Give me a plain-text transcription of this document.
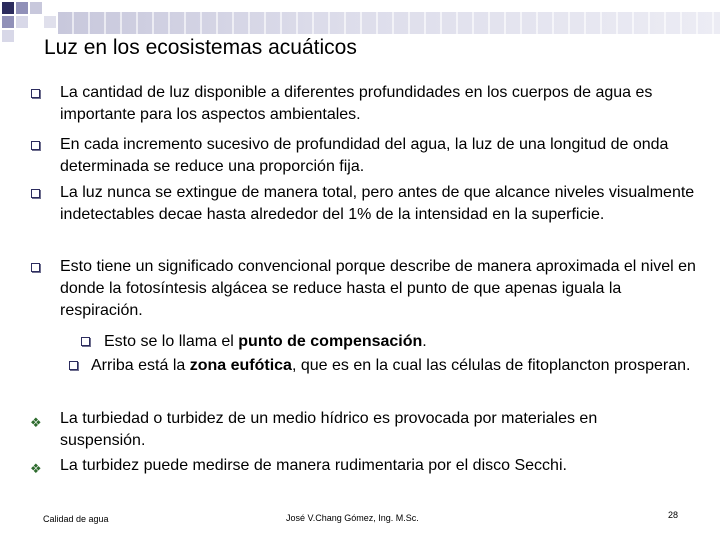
Luz en los ecosistemas acuáticos
La cantidad de luz disponible a diferentes profundidades en los cuerpos de agua es importante para los aspectos ambientales.
En cada incremento sucesivo de profundidad del agua, la luz de una longitud de onda determinada se reduce una proporción fija.
La luz nunca se extingue de manera total, pero antes de que alcance niveles visualmente indetectables decae hasta alrededor del 1% de la intensidad en la superficie.
Esto tiene un significado convencional porque describe de manera aproximada el nivel en donde la fotosíntesis algácea se reduce hasta el punto de que apenas iguala la respiración.
Esto se lo llama el punto de compensación.
Arriba está la zona eufótica, que es en la cual las células de fitoplancton prosperan.
❖ La turbiedad o turbidez de un medio hídrico es provocada por materiales en suspensión.
❖ La turbidez puede medirse de manera rudimentaria por el disco Secchi.
Calidad de agua	José V.Chang Gómez, Ing. M.Sc.	28
